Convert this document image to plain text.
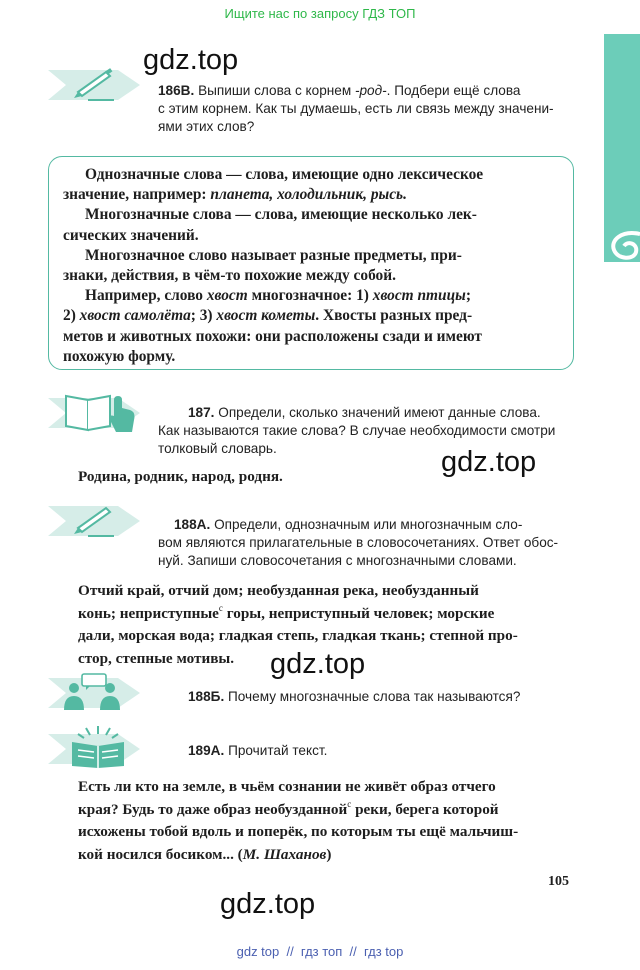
Ищите нас по запросу ГДЗ ТОП
gdz.top
gdz.top
gdz.top
gdz.top
186В. Выпиши слова с корнем -род-. Подбери ещё слова
с этим корнем. Как ты думаешь, есть ли связь между значени-
ями этих слов?

Однозначные слова — слова, имеющие одно лексическое

значение, например: планета, холодильник, рысь.

Многозначные слова — слова, имеющие несколько лек-

сических значений.

Многозначное слово называет разные предметы, при-

знаки, действия, в чём-то похожие между собой.

Например, слово хвост многозначное: 1) хвост птицы;

2) хвост самолёта; 3) хвост кометы. Хвосты разных пред-

метов и животных похожи: они расположены сзади и имеют

похожую форму.

187. Определи, сколько значений имеют данные слова.
Как называются такие слова? В случае необходимости смотри
толковый словарь.
Родина, родник, народ, родня.
188А. Определи, однозначным или многозначным сло-
вом являются прилагательные в словосочетаниях. Ответ обос-
нуй. Запиши словосочетания с многозначными словами.
Отчий край, отчий дом; необузданная река, необузданный
конь; неприступные$^с$ горы, неприступный человек; морские
дали, морская вода; гладкая степь, гладкая ткань; степной про-
стор, степные мотивы.
188Б. Почему многозначные слова так называются?
189А. Прочитай текст.
Есть ли кто на земле, в чьём сознании не живёт образ отчего
края? Будь то даже образ необузданной$^с$ реки, берега которой
исхожены тобой вдоль и поперёк, по которым ты ещё мальчиш-
кой носился босиком... (М. Шаханов)
105
gdz top  //  гдз топ  //  гдз top
